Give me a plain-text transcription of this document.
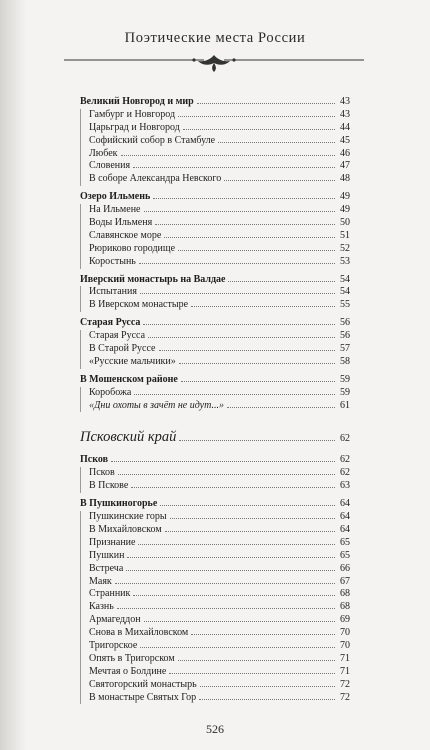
Поэтические места России
Великий Новгород и мир	43
Гамбург и Новгород	43
Царьград и Новгород	44
Софийский собор в Стамбуле	45
Любек	46
Словения	47
В соборе Александра Невского	48
Озеро Ильмень	49
На Ильмене	49
Воды Ильменя	50
Славянское море	51
Рюриково городище	52
Коростынь	53
Иверский монастырь на Валдае	54
Испытания	54
В Иверском монастыре	55
Старая Русса	56
Старая Русса	56
В Старой Руссе	57
«Русские мальчики»	58
В Мошенском районе	59
Коробожа	59
«Дни охоты в зачёт не идут...»	61
Псковский край	62
Псков	62
Псков	62
В Пскове	63
В Пушкиногорье	64
Пушкинские горы	64
В Михайловском	64
Признание	65
Пушкин	65
Встреча	66
Маяк	67
Странник	68
Казнь	68
Армагеддон	69
Снова в Михайловском	70
Тригорское	70
Опять в Тригорском	71
Мечтая о Болдине	71
Святогорский монастырь	72
В монастыре Святых Гор	72
526
